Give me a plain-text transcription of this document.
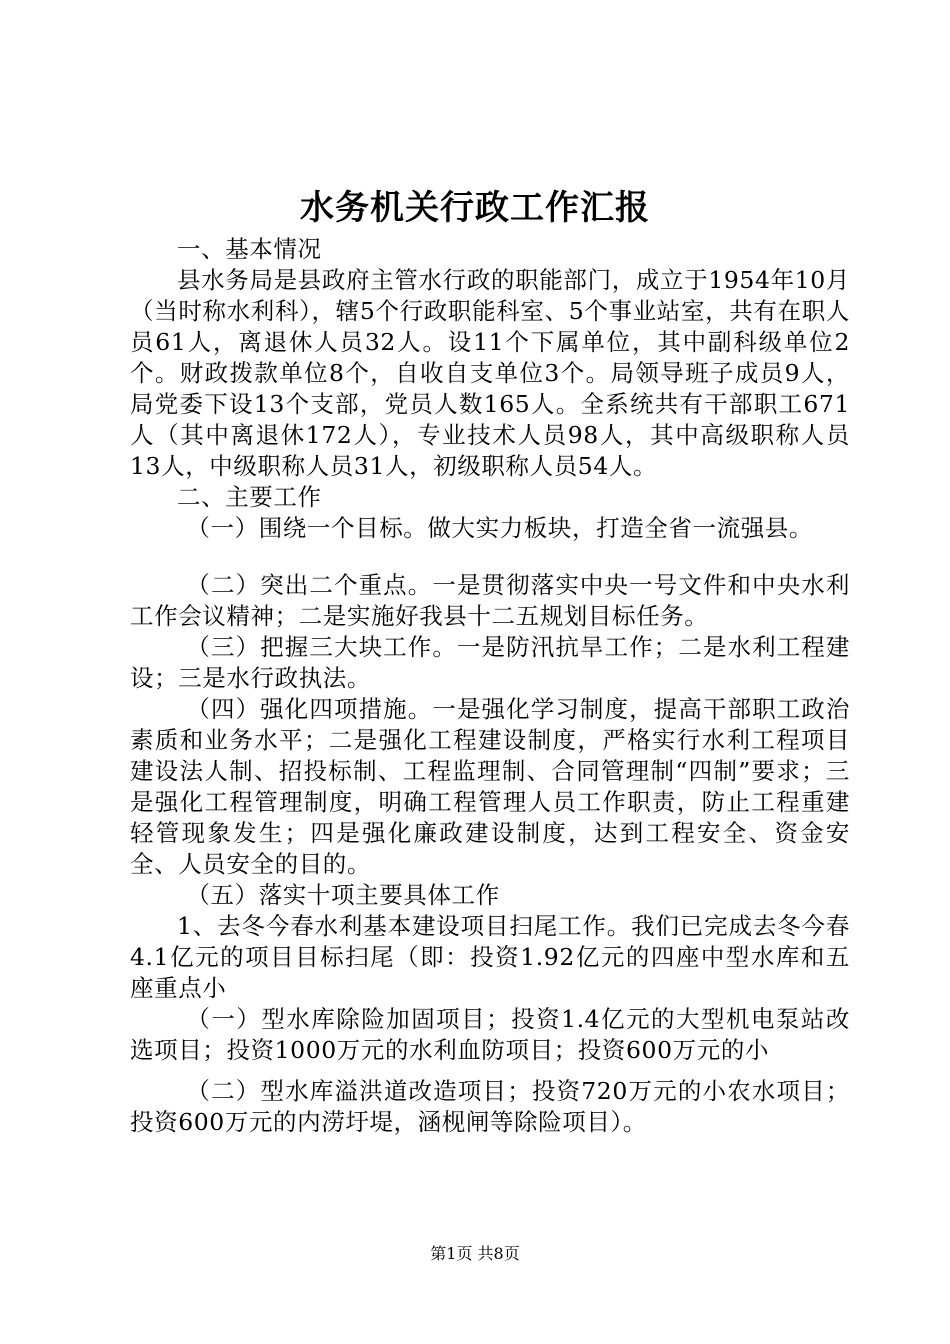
水务机关行政工作汇报

一、基本情况

县水务局是县政府主管水行政的职能部门，成立于1954年10月（当时称水利科），辖5个行政职能科室、5个事业站室，共有在职人员61人，离退休人员32人。设11个下属单位，其中副科级单位2个。财政拨款单位8个，自收自支单位3个。局领导班子成员9人，局党委下设13个支部，党员人数165人。全系统共有干部职工671人（其中离退休172人），专业技术人员98人，其中高级职称人员13人，中级职称人员31人，初级职称人员54人。

二、主要工作

（一）围绕一个目标。做大实力板块，打造全省一流强县。

（二）突出二个重点。一是贯彻落实中央一号文件和中央水利工作会议精神；二是实施好我县十二五规划目标任务。

（三）把握三大块工作。一是防汛抗旱工作；二是水利工程建设；三是水行政执法。

（四）强化四项措施。一是强化学习制度，提高干部职工政治素质和业务水平；二是强化工程建设制度，严格实行水利工程项目建设法人制、招投标制、工程监理制、合同管理制“四制”要求；三是强化工程管理制度，明确工程管理人员工作职责，防止工程重建轻管现象发生；四是强化廉政建设制度，达到工程安全、资金安全、人员安全的目的。

（五）落实十项主要具体工作

1、去冬今春水利基本建设项目扫尾工作。我们已完成去冬今春4.1亿元的项目目标扫尾（即：投资1.92亿元的四座中型水库和五座重点小

（一）型水库除险加固项目；投资1.4亿元的大型机电泵站改选项目；投资1000万元的水利血防项目；投资600万元的小

（二）型水库溢洪道改造项目；投资720万元的小农水项目；投资600万元的内涝圩堤，涵枧闸等除险项目）。

第1页 共8页
